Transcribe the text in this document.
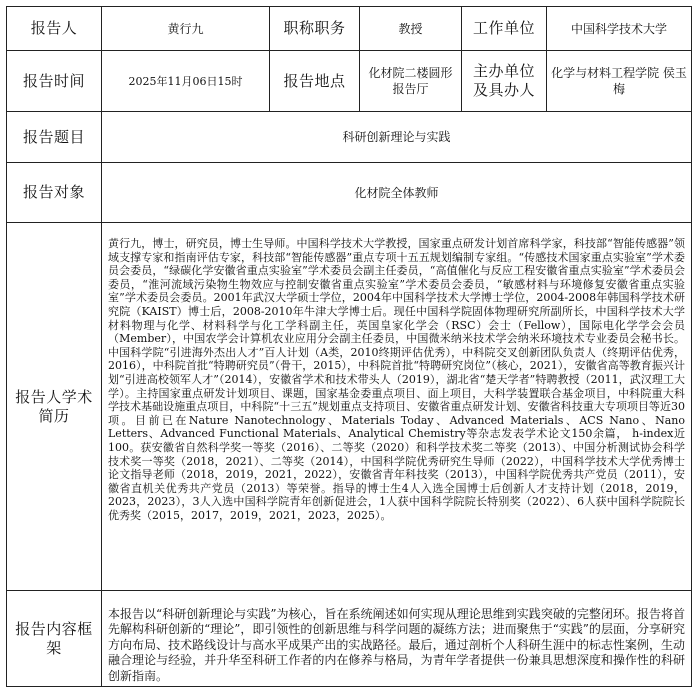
报告人	黄行九	职称职务	教授	工作单位	中国科学技术大学
报告时间	2025年11月06日15时	报告地点	化材院二楼圆形报告厅	主办单位及具办人	化学与材料工程学院 侯玉梅
报告题目	科研创新理论与实践				
报告对象	化材院全体教师				
报告人学术简历	黄行九，博士，研究员，博士生导师。中国科学技术大学教授，国家重点研发计划首席科学家，科技部“智能传感器”领域支撑专家和指南评估专家，科技部“智能传感器”重点专项十五五规划编制专家组。“传感技术国家重点实验室”学术委员会委员，“绿碳化学安徽省重点实验室”学术委员会副主任委员，“高值催化与反应工程安徽省重点实验室”学术委员会委员，“淮河流域污染物生物效应与控制安徽省重点实验室”学术委员会委员，“敏感材料与环境修复安徽省重点实验室”学术委员会委员。2001年武汉大学硕士学位，2004年中国科学技术大学博士学位，2004-2008年韩国科学技术研究院（KAIST）博士后，2008-2010年牛津大学博士后。现任中国科学院固体物理研究所副所长，中国科学技术大学材料物理与化学、材料科学与化工学科副主任，英国皇家化学会（RSC）会士（Fellow），国际电化学学会会员（Member），中国农学会计算机农业应用分会副主任委员，中国微米纳米技术学会纳米环境技术专业委员会秘书长。中国科学院“引进海外杰出人才”百人计划（A类，2010终期评估优秀），中科院交叉创新团队负责人（终期评估优秀，2016），中科院首批“特聘研究员”（骨干，2015），中科院首批“特聘研究岗位”（核心，2021），安徽省高等教育振兴计划“引进高校领军人才”（2014），安徽省学术和技术带头人（2019），湖北省“楚天学者”特聘教授（2011，武汉理工大学）。主持国家重点研发计划项目、课题，国家基金委重点项目、面上项目，大科学装置联合基金项目，中科院重大科学技术基础设施重点项目，中科院“十三五”规划重点支持项目、安徽省重点研发计划、安徽省科技重大专项项目等近30项。目前已在Nature Nanotechnology、Materials Today、Advanced Materials、ACS Nano、Nano Letters、Advanced Functional Materials、Analytical Chemistry等杂志发表学术论文150余篇， h-index近100。获安徽省自然科学奖一等奖（2016）、二等奖（2020）和科学技术奖二等奖（2013）、中国分析测试协会科学技术奖一等奖（2018，2021）、二等奖（2014），中国科学院优秀研究生导师（2022），中国科学技术大学优秀博士论文指导老师（2018，2019，2021，2022），安徽省青年科技奖（2013），中国科学院优秀共产党员（2011），安徽省直机关优秀共产党员（2013）等荣誉。指导的博士生4人入选全国博士后创新人才支持计划（2018，2019，2023，2023），3人入选中国科学院青年创新促进会，1人获中国科学院院长特别奖（2022）、6人获中国科学院院长优秀奖（2015，2017，2019，2021，2023，2025）。				
报告内容框架	本报告以“科研创新理论与实践”为核心，旨在系统阐述如何实现从理论思维到实践突破的完整闭环。报告将首先解构科研创新的“理论”，即引领性的创新思维与科学问题的凝练方法；进而聚焦于“实践”的层面，分享研究方向布局、技术路线设计与高水平成果产出的实战路径。最后，通过剖析个人科研生涯中的标志性案例，生动融合理论与经验，并升华至科研工作者的内在修养与格局，为青年学者提供一份兼具思想深度和操作性的科研创新指南。				
